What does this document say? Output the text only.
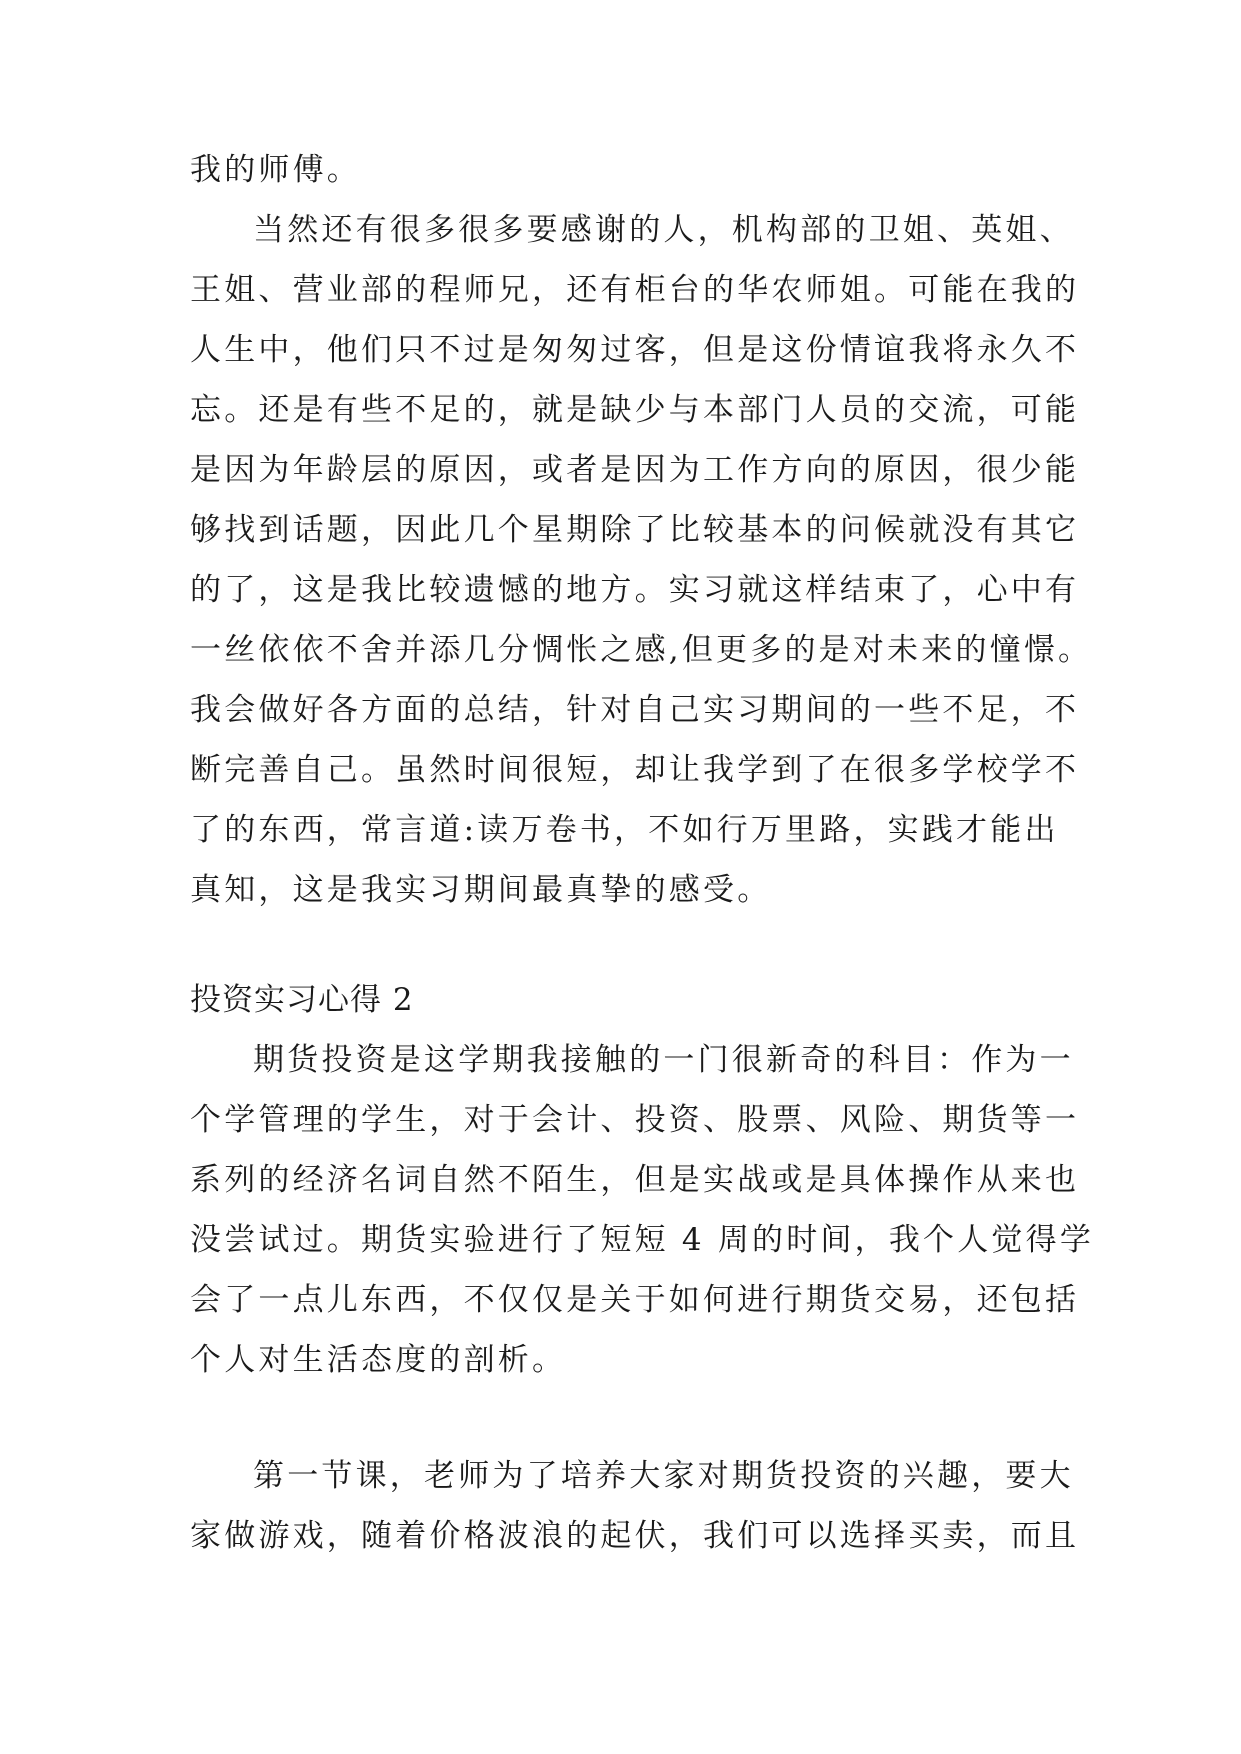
我的师傅。

当然还有很多很多要感谢的人，机构部的卫姐、英姐、

王姐、营业部的程师兄，还有柜台的华农师姐。可能在我的

人生中，他们只不过是匆匆过客，但是这份情谊我将永久不

忘。还是有些不足的，就是缺少与本部门人员的交流，可能

是因为年龄层的原因，或者是因为工作方向的原因，很少能

够找到话题，因此几个星期除了比较基本的问候就没有其它

的了，这是我比较遗憾的地方。实习就这样结束了，心中有

一丝依依不舍并添几分惆怅之感,但更多的是对未来的憧憬。

我会做好各方面的总结，针对自己实习期间的一些不足，不

断完善自己。虽然时间很短，却让我学到了在很多学校学不

了的东西，常言道:读万卷书，不如行万里路，实践才能出

真知，这是我实习期间最真挚的感受。

投资实习心得 2

期货投资是这学期我接触的一门很新奇的科目：作为一

个学管理的学生，对于会计、投资、股票、风险、期货等一

系列的经济名词自然不陌生，但是实战或是具体操作从来也

没尝试过。期货实验进行了短短 4 周的时间，我个人觉得学

会了一点儿东西，不仅仅是关于如何进行期货交易，还包括

个人对生活态度的剖析。

第一节课，老师为了培养大家对期货投资的兴趣，要大

家做游戏，随着价格波浪的起伏，我们可以选择买卖，而且
